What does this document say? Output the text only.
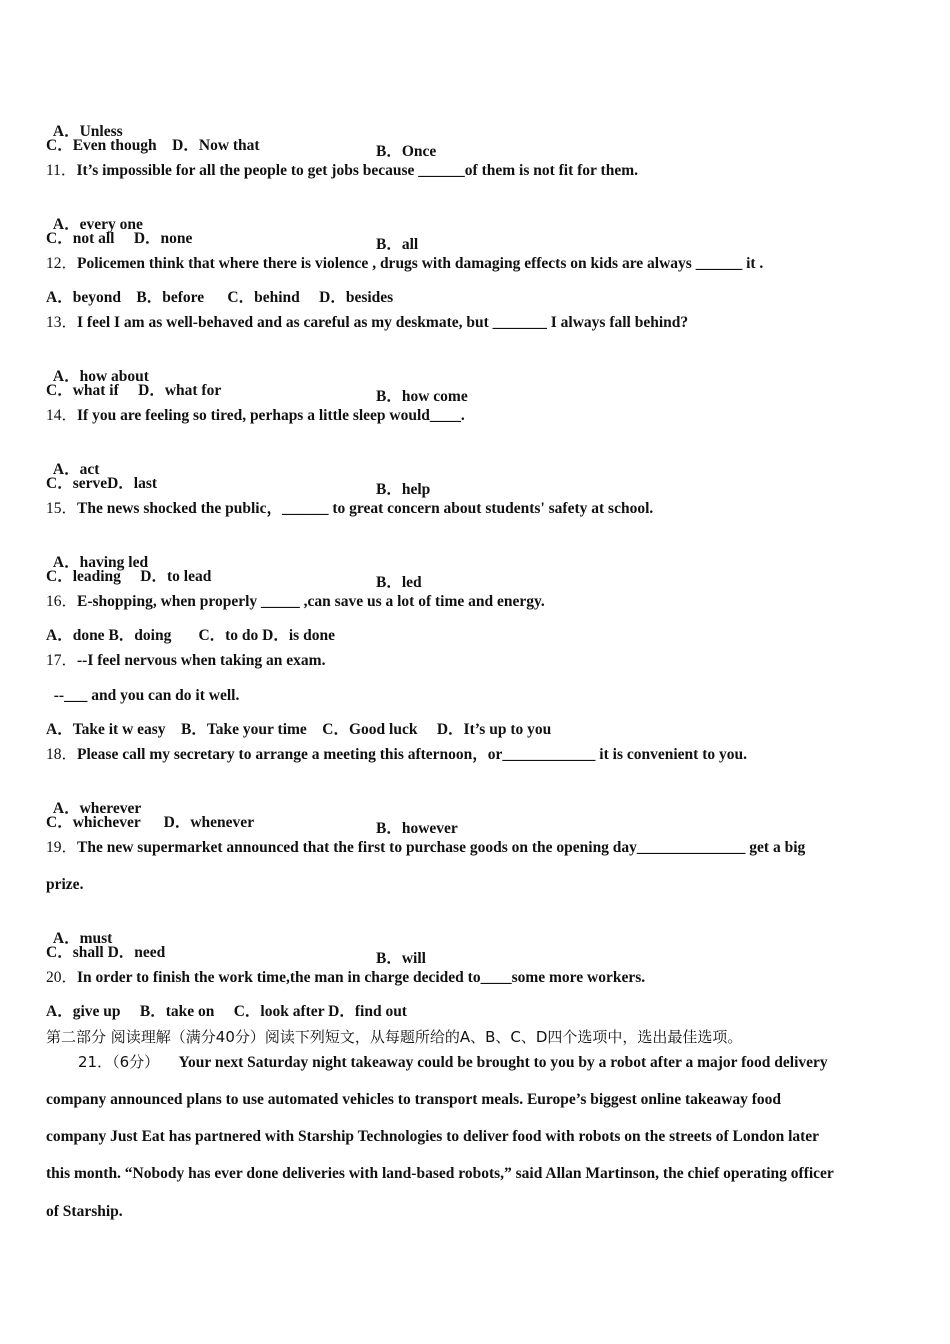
A．Unless

B．Once

C．Even though    D．Now that
11．It’s impossible for all the people to get jobs because ______of them is not fit for them.

A．every one

B．all

C．not all     D．none
12．Policemen think that where there is violence , drugs with damaging effects on kids are always ______ it .
A．beyond    B．before      C．behind     D．besides
13．I feel I am as well-behaved and as careful as my deskmate, but _______ I always fall behind?

A．how about

B．how come

C．what if     D．what for
14．If you are feeling so tired, perhaps a little sleep would____.

A．act

B．help

C．serveD．last
15．The news shocked the public，______ to great concern about students' safety at school.

A．having led

B．led

C．leading     D．to lead
16．E-shopping, when properly _____ ,can save us a lot of time and energy.
A．done B．doing       C．to do D．is done
17．--I feel nervous when taking an exam.
--___ and you can do it well.
A．Take it w easy    B．Take your time    C．Good luck     D．It’s up to you
18．Please call my secretary to arrange a meeting this afternoon，or____________ it is convenient to you.

A．wherever

B．however

C．whichever      D．whenever
19．The new supermarket announced that the first to purchase goods on the opening day______________ get a big
prize.

A．must

B．will

C．shall D．need
20．In order to finish the work time,the man in charge decided to____some more workers.
A．give up     B．take on     C．look after D．find out
第二部分 阅读理解（满分40分）阅读下列短文，从每题所给的A、B、C、D四个选项中，选出最佳选项。
21．（6分） Your next Saturday night takeaway could be brought to you by a robot after a major food delivery
company announced plans to use automated vehicles to transport meals. Europe’s biggest online takeaway food
company Just Eat has partnered with Starship Technologies to deliver food with robots on the streets of London later
this month. “Nobody has ever done deliveries with land-based robots,” said Allan Martinson, the chief operating officer
of Starship.
